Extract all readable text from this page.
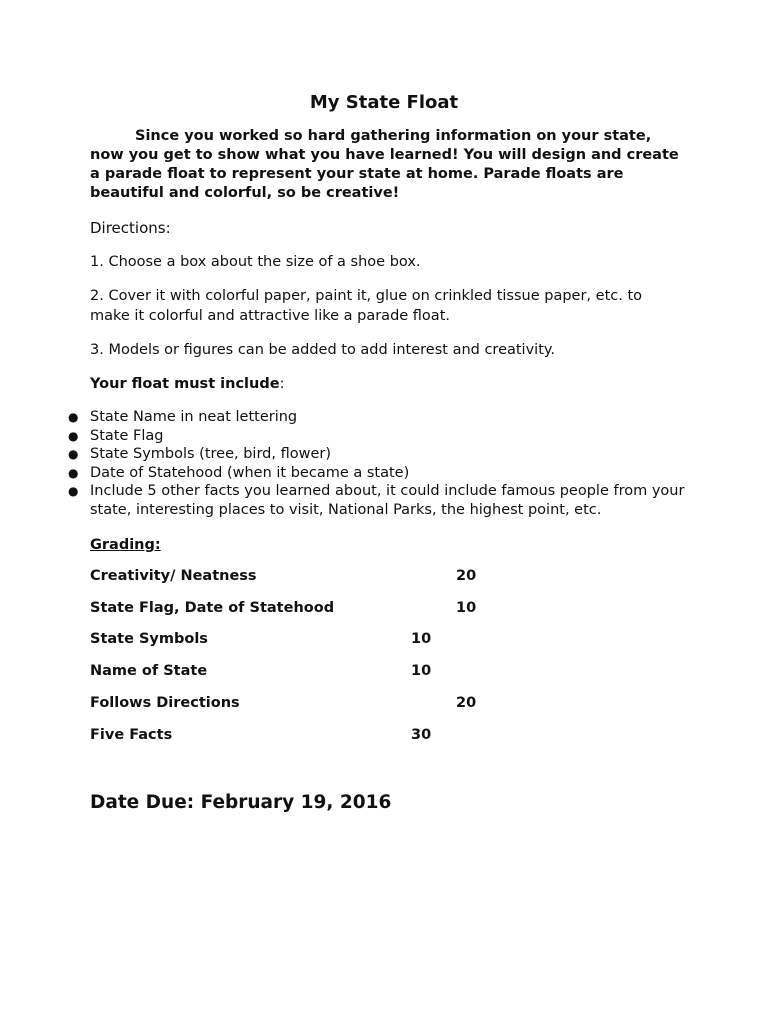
My State Float
Since you worked so hard gathering information on your state, now you get to show what you have learned! You will design and create a parade float to represent your state at home. Parade floats are beautiful and colorful, so be creative!
Directions:
1. Choose a box about the size of a shoe box.
2. Cover it with colorful paper, paint it, glue on crinkled tissue paper, etc. to make it colorful and attractive like a parade float.
3. Models or figures can be added to add interest and creativity.
Your float must include:
● State Name in neat lettering
● State Flag
● State Symbols (tree, bird, flower)
● Date of Statehood (when it became a state)
● Include 5 other facts you learned about, it could include famous people from your state, interesting places to visit, National Parks, the highest point, etc.
Grading:
Creativity/ Neatness	20
State Flag, Date of Statehood	10
State Symbols	10
Name of State	10
Follows Directions	20
Five Facts	30
Date Due: February 19, 2016
